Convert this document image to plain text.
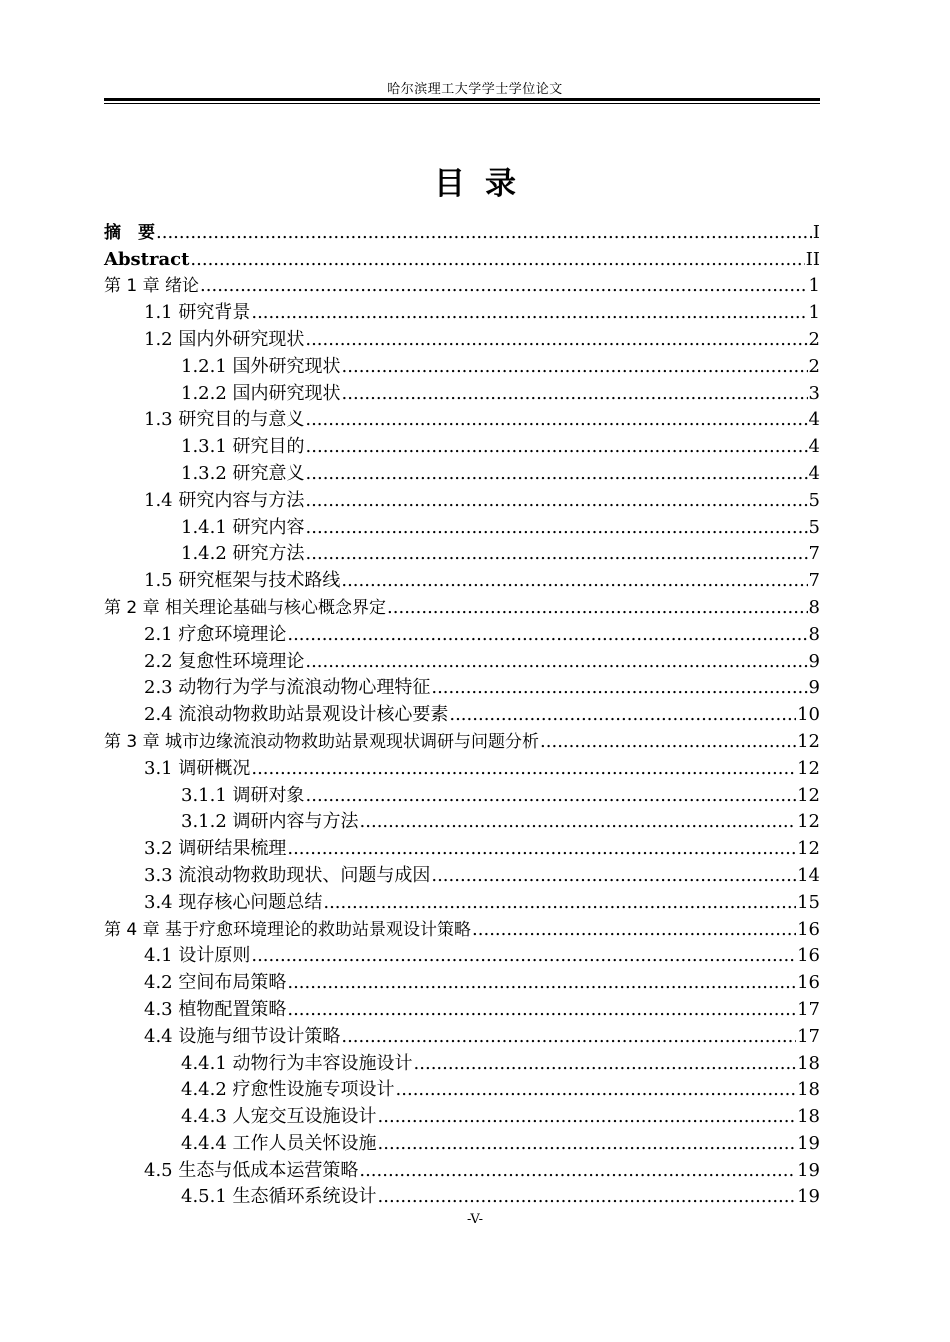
哈尔滨理工大学学士学位论文
目录
摘　要 .....	I
Abstract .....	II
第 1 章 绪论 .....	1
1.1 研究背景 .....	1
1.2 国内外研究现状 .....	2
1.2.1 国外研究现状 .....	2
1.2.2 国内研究现状 .....	3
1.3 研究目的与意义 .....	4
1.3.1 研究目的 .....	4
1.3.2 研究意义 .....	4
1.4 研究内容与方法 .....	5
1.4.1 研究内容 .....	5
1.4.2 研究方法 .....	7
1.5 研究框架与技术路线 .....	7
第 2 章 相关理论基础与核心概念界定 .....	8
2.1 疗愈环境理论 .....	8
2.2 复愈性环境理论 .....	9
2.3 动物行为学与流浪动物心理特征 .....	9
2.4 流浪动物救助站景观设计核心要素 .....	10
第 3 章 城市边缘流浪动物救助站景观现状调研与问题分析 .....	12
3.1 调研概况 .....	12
3.1.1 调研对象 .....	12
3.1.2 调研内容与方法 .....	12
3.2 调研结果梳理 .....	12
3.3 流浪动物救助现状、问题与成因 .....	14
3.4 现存核心问题总结 .....	15
第 4 章 基于疗愈环境理论的救助站景观设计策略 .....	16
4.1 设计原则 .....	16
4.2 空间布局策略 .....	16
4.3 植物配置策略 .....	17
4.4 设施与细节设计策略 .....	17
4.4.1 动物行为丰容设施设计 .....	18
4.4.2 疗愈性设施专项设计 .....	18
4.4.3 人宠交互设施设计 .....	18
4.4.4 工作人员关怀设施 .....	19
4.5 生态与低成本运营策略 .....	19
4.5.1 生态循环系统设计 .....	19
-V-
